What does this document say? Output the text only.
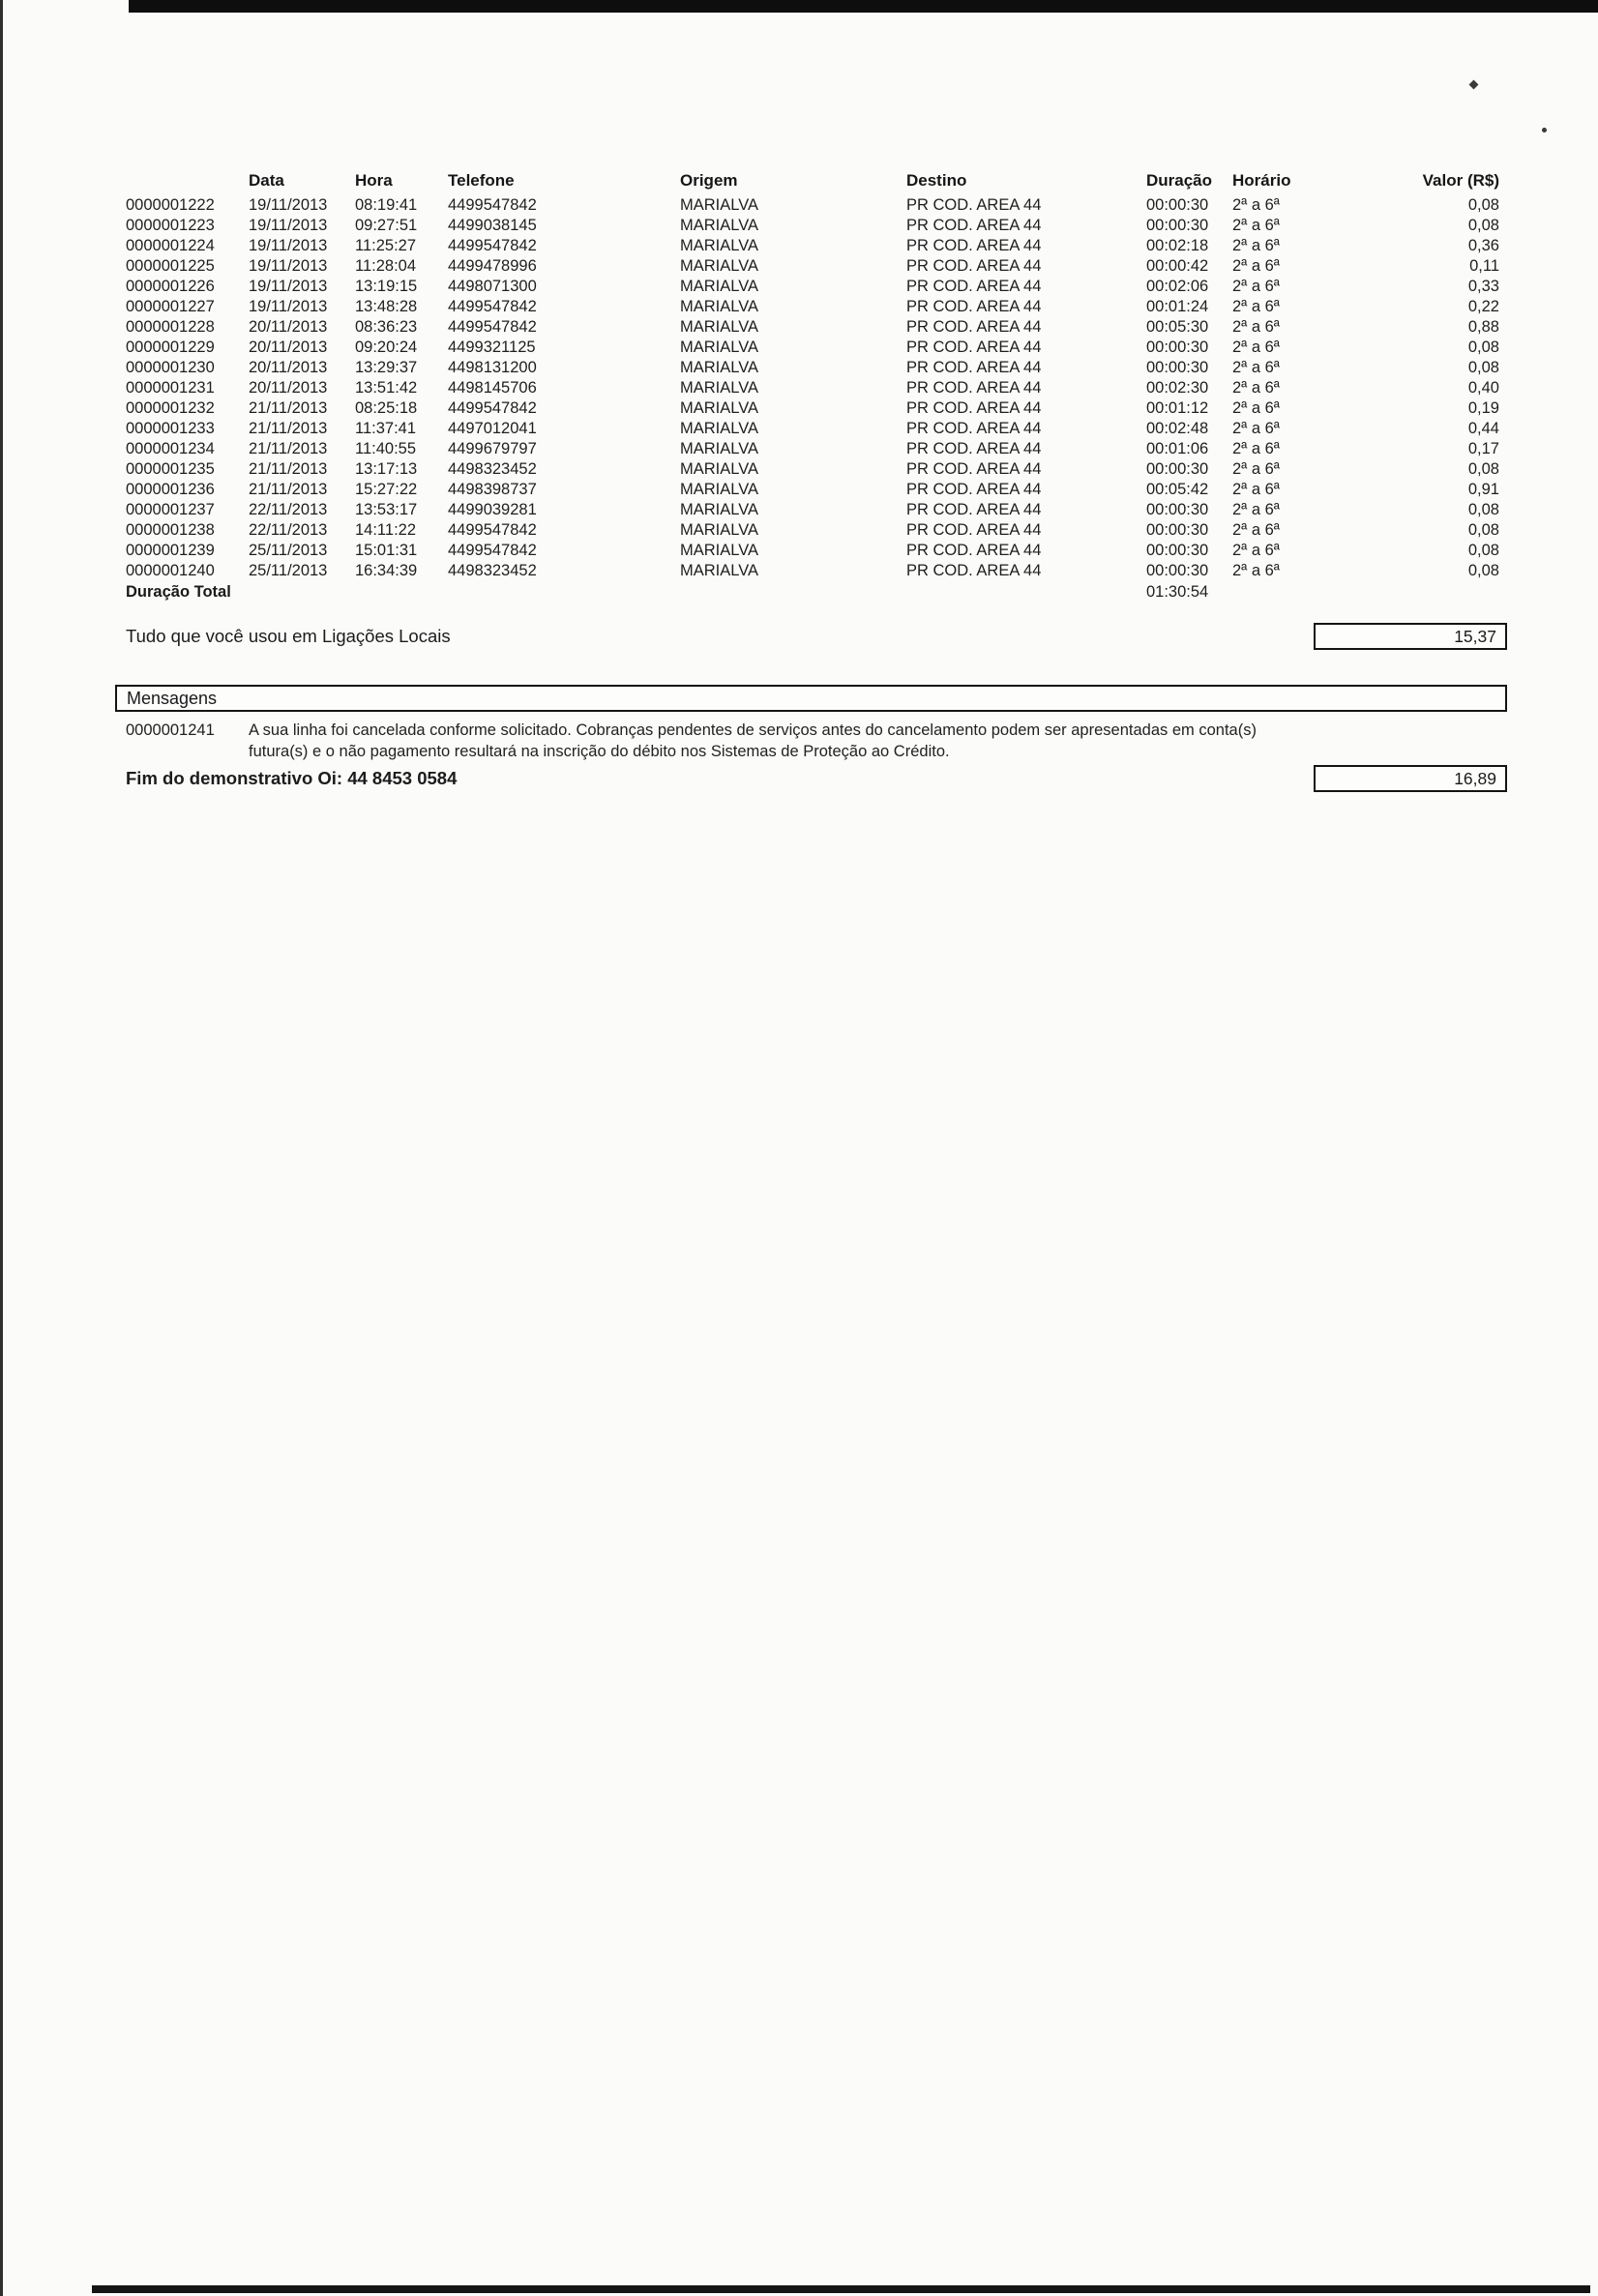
	Data	Hora	Telefone	Origem	Destino	Duração	Horário	Valor (R$)
0000001222	19/11/2013	08:19:41	4499547842	MARIALVA	PR COD. AREA 44	00:00:30	2ª a 6ª	0,08
0000001223	19/11/2013	09:27:51	4499038145	MARIALVA	PR COD. AREA 44	00:00:30	2ª a 6ª	0,08
0000001224	19/11/2013	11:25:27	4499547842	MARIALVA	PR COD. AREA 44	00:02:18	2ª a 6ª	0,36
0000001225	19/11/2013	11:28:04	4499478996	MARIALVA	PR COD. AREA 44	00:00:42	2ª a 6ª	0,11
0000001226	19/11/2013	13:19:15	4498071300	MARIALVA	PR COD. AREA 44	00:02:06	2ª a 6ª	0,33
0000001227	19/11/2013	13:48:28	4499547842	MARIALVA	PR COD. AREA 44	00:01:24	2ª a 6ª	0,22
0000001228	20/11/2013	08:36:23	4499547842	MARIALVA	PR COD. AREA 44	00:05:30	2ª a 6ª	0,88
0000001229	20/11/2013	09:20:24	4499321125	MARIALVA	PR COD. AREA 44	00:00:30	2ª a 6ª	0,08
0000001230	20/11/2013	13:29:37	4498131200	MARIALVA	PR COD. AREA 44	00:00:30	2ª a 6ª	0,08
0000001231	20/11/2013	13:51:42	4498145706	MARIALVA	PR COD. AREA 44	00:02:30	2ª a 6ª	0,40
0000001232	21/11/2013	08:25:18	4499547842	MARIALVA	PR COD. AREA 44	00:01:12	2ª a 6ª	0,19
0000001233	21/11/2013	11:37:41	4497012041	MARIALVA	PR COD. AREA 44	00:02:48	2ª a 6ª	0,44
0000001234	21/11/2013	11:40:55	4499679797	MARIALVA	PR COD. AREA 44	00:01:06	2ª a 6ª	0,17
0000001235	21/11/2013	13:17:13	4498323452	MARIALVA	PR COD. AREA 44	00:00:30	2ª a 6ª	0,08
0000001236	21/11/2013	15:27:22	4498398737	MARIALVA	PR COD. AREA 44	00:05:42	2ª a 6ª	0,91
0000001237	22/11/2013	13:53:17	4499039281	MARIALVA	PR COD. AREA 44	00:00:30	2ª a 6ª	0,08
0000001238	22/11/2013	14:11:22	4499547842	MARIALVA	PR COD. AREA 44	00:00:30	2ª a 6ª	0,08
0000001239	25/11/2013	15:01:31	4499547842	MARIALVA	PR COD. AREA 44	00:00:30	2ª a 6ª	0,08
0000001240	25/11/2013	16:34:39	4498323452	MARIALVA	PR COD. AREA 44	00:00:30	2ª a 6ª	0,08
Duração Total						01:30:54		
Tudo que você usou em Ligações Locais	15,37
Mensagens
0000001241	A sua linha foi cancelada conforme solicitado. Cobranças pendentes de serviços antes do cancelamento podem ser apresentadas em conta(s)
futura(s) e o não pagamento resultará na inscrição do débito nos Sistemas de Proteção ao Crédito.
Fim do demonstrativo Oi: 44 8453 0584	16,89
